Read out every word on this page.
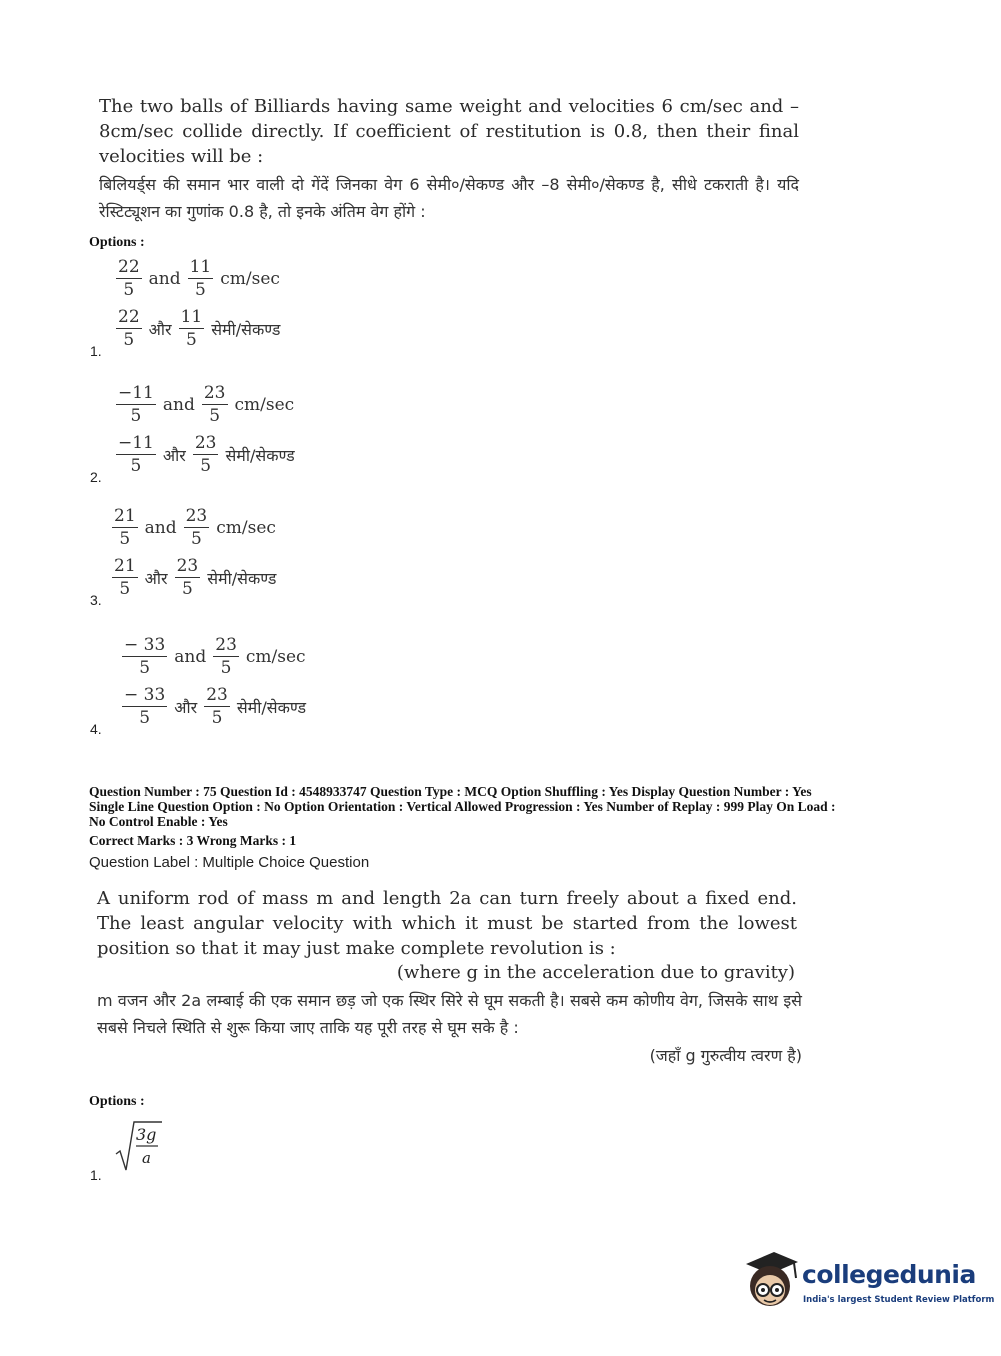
The two balls of Billiards having same weight and velocities 6 cm/sec and –8cm/sec collide directly. If coefficient of restitution is 0.8, then their final velocities will be :
बिलियर्ड्स की समान भार वाली दो गेंदें जिनका वेग 6 सेमी०/सेकण्ड और –8 सेमी०/सेकण्ड है, सीधे टकराती है। यदि रेस्टिट्यूशन का गुणांक 0.8 है, तो इनके अंतिम वेग होंगे :
Options :
$\frac{22}{5}$ and $\frac{11}{5} cm/\sec$
$\frac{22}{5}$ और $\frac{11}{5}$ सेमी/सेकण्ड
1.
$\frac{-11}{5}$ and $\frac{23}{5} cm/\sec$
$\frac{-11}{5}$ और $\frac{23}{5}$ सेमी/सेकण्ड
2.
$\frac{21}{5}$ and $\frac{23}{5} cm/\sec$
$\frac{21}{5}$ और $\frac{23}{5}$ सेमी/सेकण्ड
3.
$\frac{- 33}{5}$ and $\frac{23}{5} cm/\sec$
$\frac{- 33}{5}$ और $\frac{23}{5}$ सेमी/सेकण्ड
4.
Question Number : 75 Question Id : 4548933747 Question Type : MCQ Option Shuffling : Yes Display Question Number : Yes
Single Line Question Option : No Option Orientation : Vertical Allowed Progression : Yes Number of Replay : 999 Play On Load :
No Control Enable : Yes
Correct Marks : 3 Wrong Marks : 1
Question Label : Multiple Choice Question
A uniform rod of mass m and length 2a can turn freely about a fixed end. The least angular velocity with which it must be started from the lowest position so that it may just make complete revolution is :
(where g in the acceleration due to gravity)
m वजन और 2a लम्बाई की एक समान छड़ जो एक स्थिर सिरे से घूम सकती है। सबसे कम कोणीय वेग, जिसके साथ इसे सबसे निचले स्थिति से शुरू किया जाए ताकि यह पूरी तरह से घूम सके है :
(जहाँ g गुरुत्वीय त्वरण है)
Options :
3g
a
1.
collegedunia
India's largest Student Review Platform
